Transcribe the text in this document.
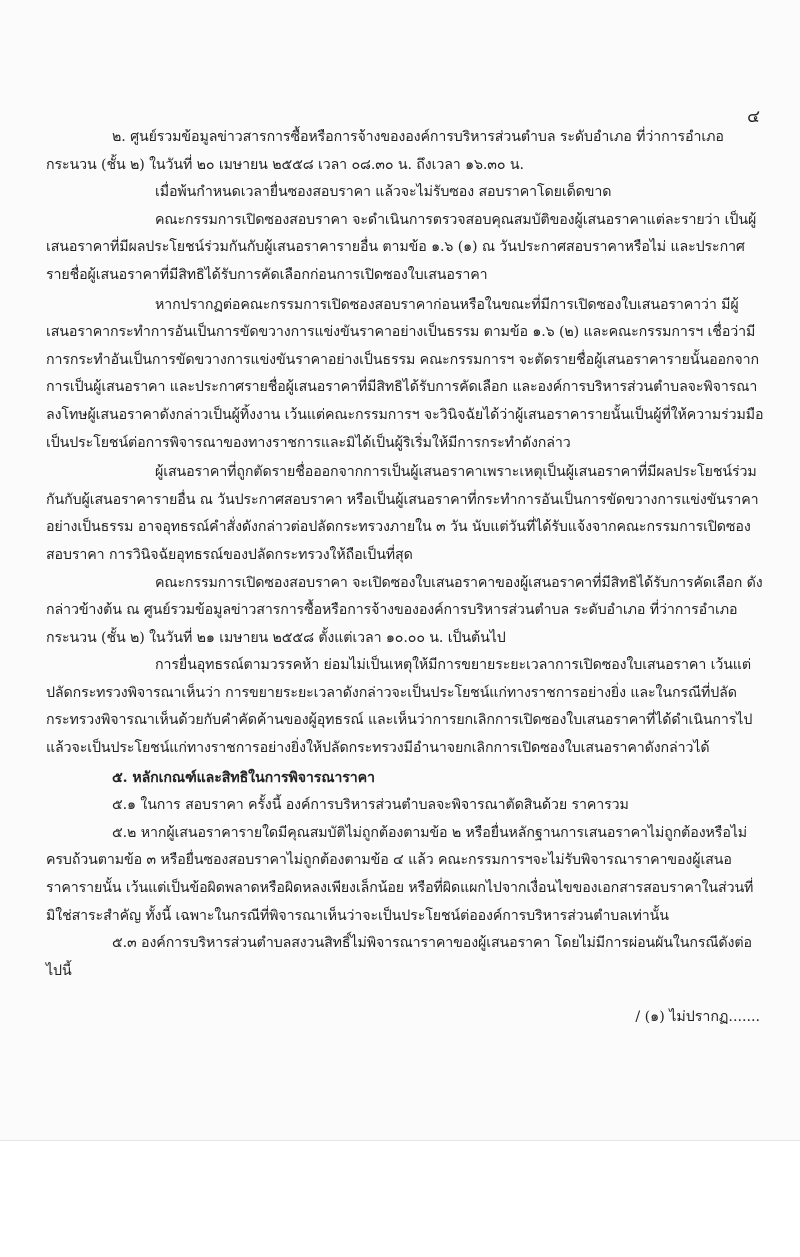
๔

๒. ศูนย์รวมข้อมูลข่าวสารการซื้อหรือการจ้างขององค์การบริหารส่วนตำบล ระดับอำเภอ ที่ว่าการอำเภอกระนวน (ชั้น ๒) ในวันที่ ๒๐ เมษายน ๒๕๕๘ เวลา ๐๘.๓๐ น. ถึงเวลา ๑๖.๓๐ น.

เมื่อพ้นกำหนดเวลายื่นซองสอบราคา แล้วจะไม่รับซอง สอบราคาโดยเด็ดขาด

คณะกรรมการเปิดซองสอบราคา จะดำเนินการตรวจสอบคุณสมบัติของผู้เสนอราคาแต่ละรายว่า เป็นผู้เสนอราคาที่มีผลประโยชน์ร่วมกันกับผู้เสนอราคารายอื่น ตามข้อ ๑.๖ (๑) ณ วันประกาศสอบราคาหรือไม่ และประกาศรายชื่อผู้เสนอราคาที่มีสิทธิได้รับการคัดเลือกก่อนการเปิดซองใบเสนอราคา

หากปรากฏต่อคณะกรรมการเปิดซองสอบราคาก่อนหรือในขณะที่มีการเปิดซองใบเสนอราคาว่า มีผู้เสนอราคากระทำการอันเป็นการขัดขวางการแข่งขันราคาอย่างเป็นธรรม ตามข้อ ๑.๖ (๒) และคณะกรรมการฯ เชื่อว่ามีการกระทำอันเป็นการขัดขวางการแข่งขันราคาอย่างเป็นธรรม คณะกรรมการฯ จะตัดรายชื่อผู้เสนอราคารายนั้นออกจากการเป็นผู้เสนอราคา และประกาศรายชื่อผู้เสนอราคาที่มีสิทธิได้รับการคัดเลือก และองค์การบริหารส่วนตำบลจะพิจารณาลงโทษผู้เสนอราคาดังกล่าวเป็นผู้ทิ้งงาน เว้นแต่คณะกรรมการฯ จะวินิจฉัยได้ว่าผู้เสนอราคารายนั้นเป็นผู้ที่ให้ความร่วมมือเป็นประโยชน์ต่อการพิจารณาของทางราชการและมิได้เป็นผู้ริเริ่มให้มีการกระทำดังกล่าว

ผู้เสนอราคาที่ถูกตัดรายชื่อออกจากการเป็นผู้เสนอราคาเพราะเหตุเป็นผู้เสนอราคาที่มีผลประโยชน์ร่วมกันกับผู้เสนอราคารายอื่น ณ วันประกาศสอบราคา หรือเป็นผู้เสนอราคาที่กระทำการอันเป็นการขัดขวางการแข่งขันราคาอย่างเป็นธรรม อาจอุทธรณ์คำสั่งดังกล่าวต่อปลัดกระทรวงภายใน ๓ วัน นับแต่วันที่ได้รับแจ้งจากคณะกรรมการเปิดซองสอบราคา การวินิจฉัยอุทธรณ์ของปลัดกระทรวงให้ถือเป็นที่สุด

คณะกรรมการเปิดซองสอบราคา จะเปิดซองใบเสนอราคาของผู้เสนอราคาที่มีสิทธิได้รับการคัดเลือก ดังกล่าวข้างต้น ณ ศูนย์รวมข้อมูลข่าวสารการซื้อหรือการจ้างขององค์การบริหารส่วนตำบล ระดับอำเภอ ที่ว่าการอำเภอกระนวน (ชั้น ๒) ในวันที่ ๒๑ เมษายน ๒๕๕๘ ตั้งแต่เวลา ๑๐.๐๐ น. เป็นต้นไป

การยื่นอุทธรณ์ตามวรรคห้า ย่อมไม่เป็นเหตุให้มีการขยายระยะเวลาการเปิดซองใบเสนอราคา เว้นแต่ปลัดกระทรวงพิจารณาเห็นว่า การขยายระยะเวลาดังกล่าวจะเป็นประโยชน์แก่ทางราชการอย่างยิ่ง และในกรณีที่ปลัดกระทรวงพิจารณาเห็นด้วยกับคำคัดค้านของผู้อุทธรณ์ และเห็นว่าการยกเลิกการเปิดซองใบเสนอราคาที่ได้ดำเนินการไปแล้วจะเป็นประโยชน์แก่ทางราชการอย่างยิ่งให้ปลัดกระทรวงมีอำนาจยกเลิกการเปิดซองใบเสนอราคาดังกล่าวได้

๕. หลักเกณฑ์และสิทธิในการพิจารณาราคา

๕.๑ ในการ สอบราคา ครั้งนี้ องค์การบริหารส่วนตำบลจะพิจารณาตัดสินด้วย ราคารวม

๕.๒ หากผู้เสนอราคารายใดมีคุณสมบัติไม่ถูกต้องตามข้อ ๒ หรือยื่นหลักฐานการเสนอราคาไม่ถูกต้องหรือไม่ครบถ้วนตามข้อ ๓ หรือยื่นซองสอบราคาไม่ถูกต้องตามข้อ ๔ แล้ว คณะกรรมการฯจะไม่รับพิจารณาราคาของผู้เสนอราคารายนั้น เว้นแต่เป็นข้อผิดพลาดหรือผิดหลงเพียงเล็กน้อย หรือที่ผิดแผกไปจากเงื่อนไขของเอกสารสอบราคาในส่วนที่มิใช่สาระสำคัญ ทั้งนี้ เฉพาะในกรณีที่พิจารณาเห็นว่าจะเป็นประโยชน์ต่อองค์การบริหารส่วนตำบลเท่านั้น

๕.๓ องค์การบริหารส่วนตำบลสงวนสิทธิ์ไม่พิจารณาราคาของผู้เสนอราคา โดยไม่มีการผ่อนผันในกรณีดังต่อไปนี้

/ (๑) ไม่ปรากฏ.......
